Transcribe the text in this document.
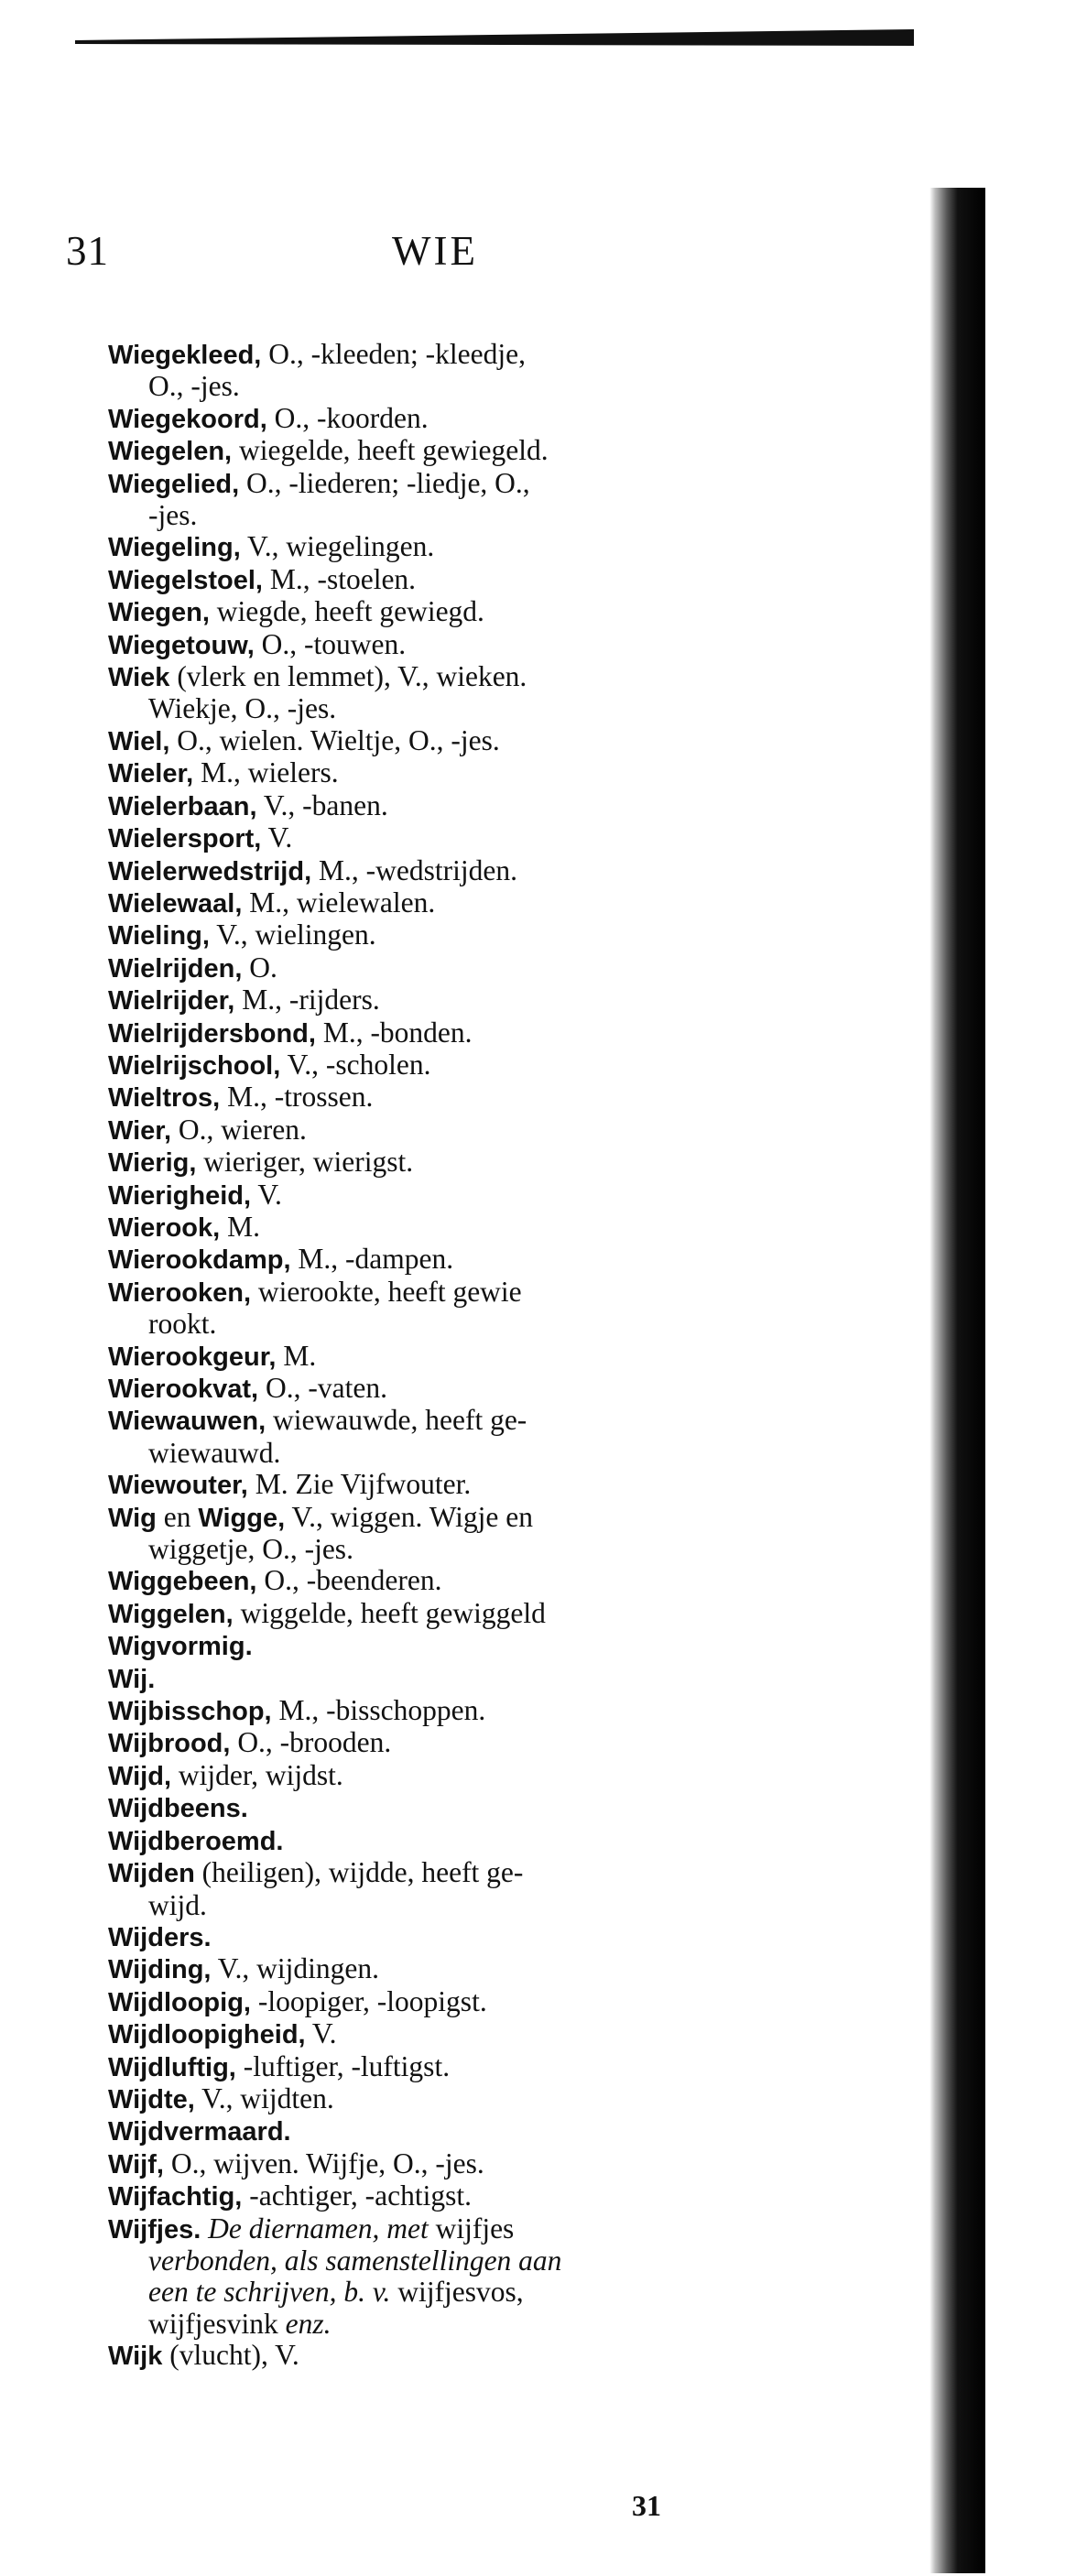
31	WIE
Wiegekleed, O., -kleeden; -kleedje,
O., -jes.
Wiegekoord, O., -koorden.
Wiegelen, wiegelde, heeft gewiegeld.
Wiegelied, O., -liederen; -liedje, O.,
-jes.
Wiegeling, V., wiegelingen.
Wiegelstoel, M., -stoelen.
Wiegen, wiegde, heeft gewiegd.
Wiegetouw, O., -touwen.
Wiek (vlerk en lemmet), V., wieken.
Wiekje, O., -jes.
Wiel, O., wielen. Wieltje, O., -jes.
Wieler, M., wielers.
Wielerbaan, V., -banen.
Wielersport, V.
Wielerwedstrijd, M., -wedstrijden.
Wielewaal, M., wielewalen.
Wieling, V., wielingen.
Wielrijden, O.
Wielrijder, M., -rijders.
Wielrijdersbond, M., -bonden.
Wielrijschool, V., -scholen.
Wieltros, M., -trossen.
Wier, O., wieren.
Wierig, wieriger, wierigst.
Wierigheid, V.
Wierook, M.
Wierookdamp, M., -dampen.
Wierooken, wierookte, heeft gewie
rookt.
Wierookgeur, M.
Wierookvat, O., -vaten.
Wiewauwen, wiewauwde, heeft ge-
wiewauwd.
Wiewouter, M. Zie Vijfwouter.
Wig en Wigge, V., wiggen. Wigje en
wiggetje, O., -jes.
Wiggebeen, O., -beenderen.
Wiggelen, wiggelde, heeft gewiggeld
Wigvormig.
Wij.
Wijbisschop, M., -bisschoppen.
Wijbrood, O., -brooden.
Wijd, wijder, wijdst.
Wijdbeens.
Wijdberoemd.
Wijden (heiligen), wijdde, heeft ge-
wijd.
Wijders.
Wijding, V., wijdingen.
Wijdloopig, -loopiger, -loopigst.
Wijdloopigheid, V.
Wijdluftig, -luftiger, -luftigst.
Wijdte, V., wijdten.
Wijdvermaard.
Wijf, O., wijven. Wijfje, O., -jes.
Wijfachtig, -achtiger, -achtigst.
Wijfjes. De diernamen, met wijfjes
verbonden, als samenstellingen aan
een te schrijven, b. v. wijfjesvos,
wijfjesvink enz.
Wijk (vlucht), V.
31
